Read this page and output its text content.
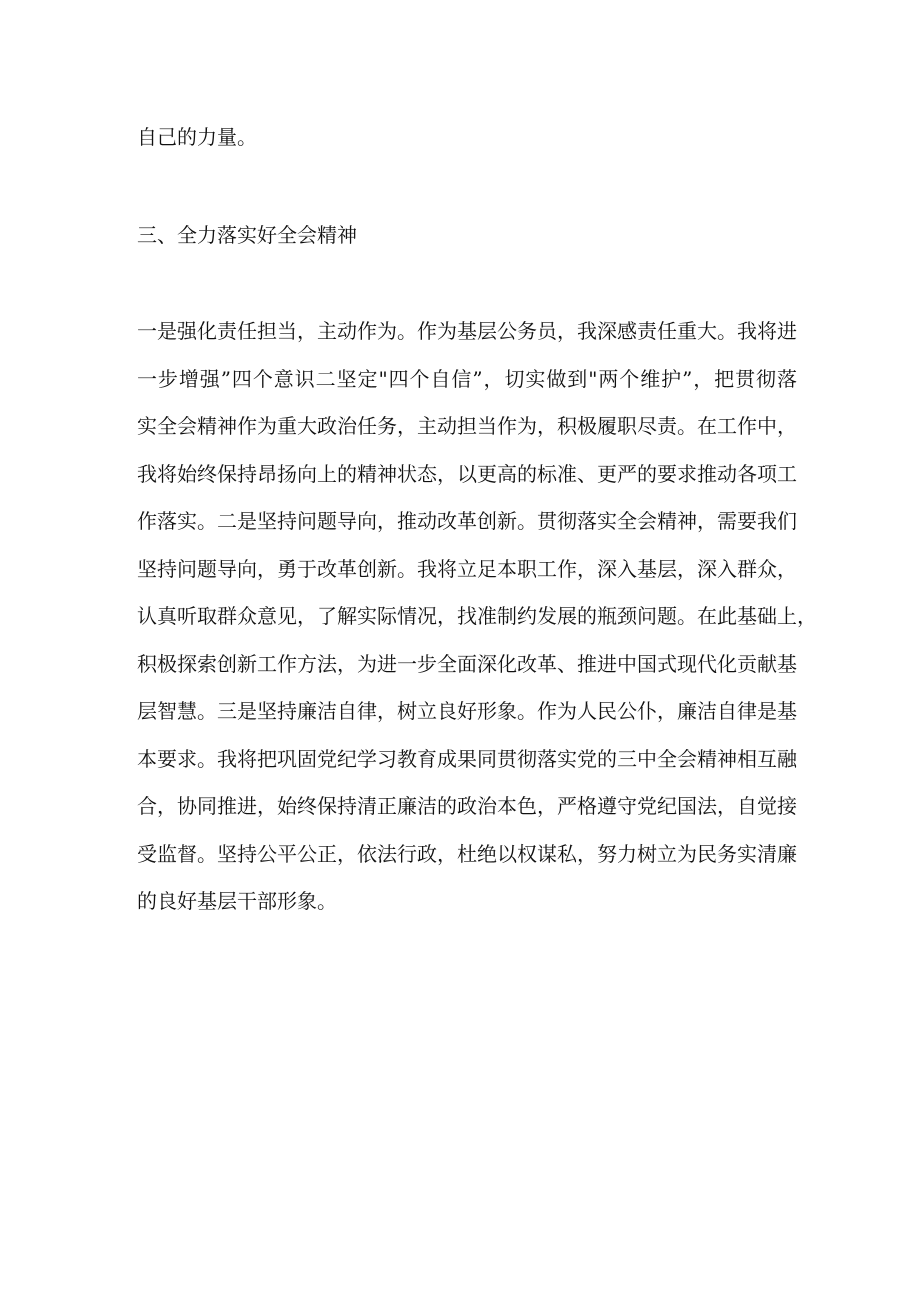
自己的力量。
三、全力落实好全会精神
一是强化责任担当，主动作为。作为基层公务员，我深感责任重大。我将进
一步增强”四个意识二坚定"四个自信”，切实做到"两个维护”，把贯彻落
实全会精神作为重大政治任务，主动担当作为，积极履职尽责。在工作中，
我将始终保持昂扬向上的精神状态，以更高的标准、更严的要求推动各项工
作落实。二是坚持问题导向，推动改革创新。贯彻落实全会精神，需要我们
坚持问题导向，勇于改革创新。我将立足本职工作，深入基层，深入群众，
认真听取群众意见，了解实际情况，找准制约发展的瓶颈问题。在此基础上，
积极探索创新工作方法，为进一步全面深化改革、推进中国式现代化贡献基
层智慧。三是坚持廉洁自律，树立良好形象。作为人民公仆，廉洁自律是基
本要求。我将把巩固党纪学习教育成果同贯彻落实党的三中全会精神相互融
合，协同推进，始终保持清正廉洁的政治本色，严格遵守党纪国法，自觉接
受监督。坚持公平公正，依法行政，杜绝以权谋私，努力树立为民务实清廉
的良好基层干部形象。
